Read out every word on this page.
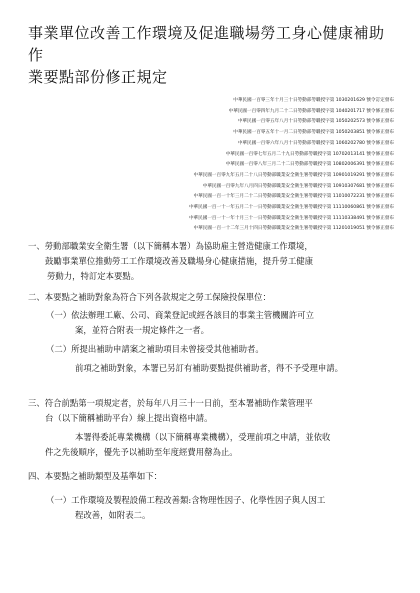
事業單位改善工作環境及促進職場勞工身心健康補助作
業要點部份修正規定
中華民國一百零三年十月三十日勞動部勞職授字第 1030201629 號令訂定發布
中華民國一百零四年九月二十二日勞動部勞職授字第 1040201717 號令修正發布
中華民國一百零五年八月十日勞動部勞職授字第 1050202573 號令修正發布
中華民國一百零五年十一月二日勞動部勞職授字第 1050203851 號令修正發布
中華民國一百零六年八月十日勞動部勞職授字第 1060202780 號令修正發布
中華民國一百零七年五月二十九日勞動部勞職授字第 10702013141 號令修正發布
中華民國一百零八年三月二十二日勞動部勞職授字第 10802006391 號令修正發布
中華民國一百零九年五月二十八日勞動部職業安全衛生署勞職授字第 10901019291 號令修正發布
中華民國一百零九年八月四日勞動部職業安全衛生署勞職授字第 10910307681 號令修正發布
中華民國一百一十年三月二十二日勞動部職業安全衛生署勞職授字第 11010072231 號令修正發布
中華民國一百一十一年五月二十一日勞動部職業安全衛生署勞職授字第 11110060861 號令修正發布
中華民國一百一十一年十月三十一日勞動部職業安全衛生署勞職授字第 11110338491 號令修正發布
中華民國一百一十二年三月十四日勞動部職業安全衛生署勞職授字第 11201019051 號令修正發布
一、勞動部職業安全衛生署（以下簡稱本署）為協助雇主營造健康工作環境，
鼓勵事業單位推動勞工工作環境改善及職場身心健康措施，提升勞工健康
勞動力，特訂定本要點。
二、本要點之補助對象為符合下列各款規定之勞工保險投保單位：
（一）依法辦理工廠、公司、商業登記或經各該目的事業主管機關許可立
案，並符合附表一規定條件之一者。
（二）所提出補助申請案之補助項目未曾接受其他補助者。
前項之補助對象，本署已另訂有補助要點提供補助者，得不予受理申請。
三、符合前點第一項規定者，於每年八月三十一日前，至本署補助作業管理平
台（以下簡稱補助平台）線上提出資格申請。
本署得委託專業機構（以下簡稱專業機構），受理前項之申請，並依收
件之先後順序，優先予以補助至年度經費用罄為止。
四、本要點之補助類型及基準如下：
（一）工作環境及製程設備工程改善類:含物理性因子、化學性因子與人因工
程改善，如附表二。
